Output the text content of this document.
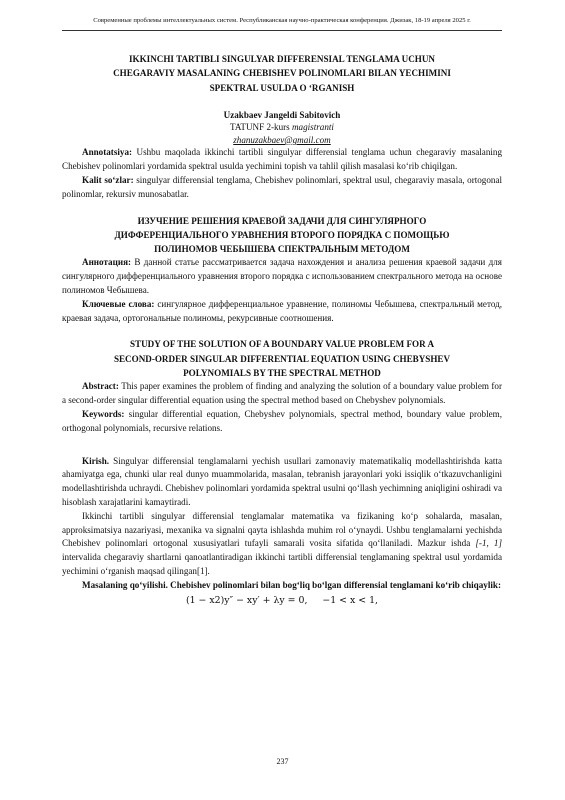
Современные проблемы интеллектуальных систем. Республиканская научно-практическая конференция. Джизак, 18-19 апреля 2025 г.
IKKINCHI TARTIBLI SINGULYAR DIFFERENSIAL TENGLAMA UCHUN
CHEGARAVIY MASALANING CHEBISHEV POLINOMLARI BILAN YECHIMINI
SPEKTRAL USULDA O ‘RGANISH
Uzakbaev Jangeldi Sabitovich
TATUNF 2-kurs magistranti
zhanuzakbaev@gmail.com

Annotatsiya: Ushbu maqolada ikkinchi tartibli singulyar differensial tenglama uchun chegaraviy masalaning Chebishev polinomlari yordamida spektral usulda yechimini topish va tahlil qilish masalasi ko‘rib chiqilgan.

Kalit so‘zlar: singulyar differensial tenglama, Chebishev polinomlari, spektral usul, chegaraviy masala, ortogonal polinomlar, rekursiv munosabatlar.

ИЗУЧЕНИЕ РЕШЕНИЯ КРАЕВОЙ ЗАДАЧИ ДЛЯ СИНГУЛЯРНОГО
ДИФФЕРЕНЦИАЛЬНОГО УРАВНЕНИЯ ВТОРОГО ПОРЯДКА С ПОМОЩЬЮ
ПОЛИНОМОВ ЧЕБЫШЕВА СПЕКТРАЛЬНЫМ МЕТОДОМ

Аннотация: В данной статье рассматривается задача нахождения и анализа решения краевой задачи для сингулярного дифференциального уравнения второго порядка с использованием спектрального метода на основе полиномов Чебышева.

Ключевые слова: сингулярное дифференциальное уравнение, полиномы Чебышева, спектральный метод, краевая задача, ортогональные полиномы, рекурсивные соотношения.

STUDY OF THE SOLUTION OF A BOUNDARY VALUE PROBLEM FOR A
SECOND-ORDER SINGULAR DIFFERENTIAL EQUATION USING CHEBYSHEV
POLYNOMIALS BY THE SPECTRAL METHOD

Abstract: This paper examines the problem of finding and analyzing the solution of a boundary value problem for a second-order singular differential equation using the spectral method based on Chebyshev polynomials.

Keywords: singular differential equation, Chebyshev polynomials, spectral method, boundary value problem, orthogonal polynomials, recursive relations.

Kirish. Singulyar differensial tenglamalarni yechish usullari zamonaviy matematikaliq modellashtirishda katta ahamiyatga ega, chunki ular real dunyo muammolarida, masalan, tebranish jarayonlari yoki issiqlik o‘tkazuvchanligini modellashtirishda uchraydi. Chebishev polinomlari yordamida spektral usulni qo‘llash yechimning aniqligini oshiradi va hisoblash xarajatlarini kamaytiradi.

Ikkinchi tartibli singulyar differensial tenglamalar matematika va fizikaning ko‘p sohalarda, masalan, approksimatsiya nazariyasi, mexanika va signalni qayta ishlashda muhim rol o‘ynaydi. Ushbu tenglamalarni yechishda Chebishev polinomlari ortogonal xususiyatlari tufayli samarali vosita sifatida qo‘llaniladi. Mazkur ishda [-1, 1] intervalida chegaraviy shartlarni qanoatlantiradigan ikkinchi tartibli differensial tenglamaning spektral usul yordamida yechimini o‘rganish maqsad qilingan[1].

Masalaning qo‘yilishi. Chebishev polinomlari bilan bog‘liq bo‘lgan differensial tenglamani ko‘rib chiqaylik:

(1 − x2)y″ − xy′ + λy = 0,     −1 < x < 1,
237
